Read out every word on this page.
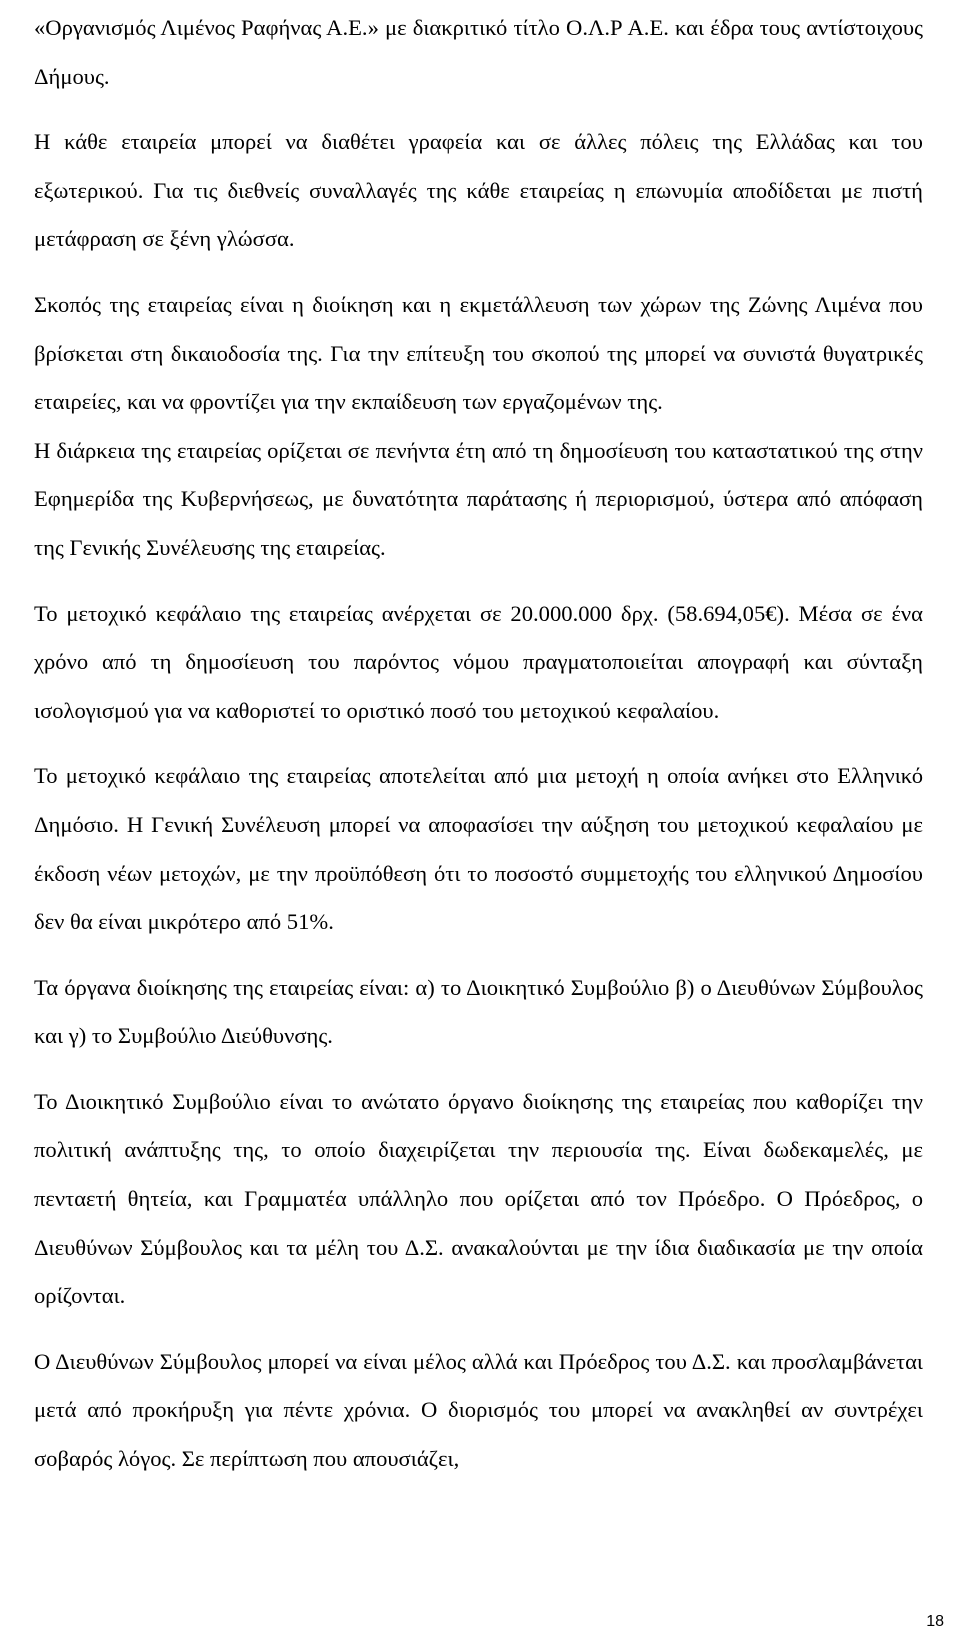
«Οργανισμός Λιμένος Ραφήνας Α.Ε.» με διακριτικό τίτλο Ο.Λ.Ρ Α.Ε. και έδρα τους αντίστοιχους Δήμους.

Η κάθε εταιρεία μπορεί να διαθέτει γραφεία και σε άλλες πόλεις της Ελλάδας και του εξωτερικού. Για τις διεθνείς συναλλαγές της κάθε εταιρείας η επωνυμία αποδίδεται με πιστή μετάφραση σε ξένη γλώσσα.

Σκοπός της εταιρείας είναι η διοίκηση και η εκμετάλλευση των χώρων της Ζώνης Λιμένα που βρίσκεται στη δικαιοδοσία της. Για την επίτευξη του σκοπού της μπορεί να συνιστά θυγατρικές εταιρείες, και να φροντίζει για την εκπαίδευση των εργαζομένων της.

Η διάρκεια της εταιρείας ορίζεται σε πενήντα έτη από τη δημοσίευση του καταστατικού της στην Εφημερίδα της Κυβερνήσεως, με δυνατότητα παράτασης ή περιορισμού, ύστερα από απόφαση της Γενικής Συνέλευσης της εταιρείας.

Το μετοχικό κεφάλαιο της εταιρείας ανέρχεται σε 20.000.000 δρχ. (58.694,05€). Μέσα σε ένα χρόνο από τη δημοσίευση του παρόντος νόμου πραγματοποιείται απογραφή και σύνταξη ισολογισμού για να καθοριστεί το οριστικό ποσό του μετοχικού κεφαλαίου.

Το μετοχικό κεφάλαιο της εταιρείας αποτελείται από μια μετοχή η οποία ανήκει στο Ελληνικό Δημόσιο. Η Γενική Συνέλευση μπορεί να αποφασίσει την αύξηση του μετοχικού κεφαλαίου με έκδοση νέων μετοχών, με την προϋπόθεση ότι το ποσοστό συμμετοχής του ελληνικού Δημοσίου δεν θα είναι μικρότερο από 51%.

Τα όργανα διοίκησης της εταιρείας είναι: α) το Διοικητικό Συμβούλιο β) ο Διευθύνων Σύμβουλος και γ) το Συμβούλιο Διεύθυνσης.

Το Διοικητικό Συμβούλιο είναι το ανώτατο όργανο διοίκησης της εταιρείας που καθορίζει την πολιτική ανάπτυξης της, το οποίο διαχειρίζεται την περιουσία της. Είναι δωδεκαμελές, με πενταετή θητεία, και Γραμματέα υπάλληλο που ορίζεται από τον Πρόεδρο. Ο Πρόεδρος, ο Διευθύνων Σύμβουλος και τα μέλη του Δ.Σ. ανακαλούνται με την ίδια διαδικασία με την οποία ορίζονται.

Ο Διευθύνων Σύμβουλος μπορεί να είναι μέλος αλλά και Πρόεδρος του Δ.Σ. και προσλαμβάνεται μετά από προκήρυξη για πέντε χρόνια. Ο διορισμός του μπορεί να ανακληθεί αν συντρέχει σοβαρός λόγος. Σε περίπτωση που απουσιάζει,

18
